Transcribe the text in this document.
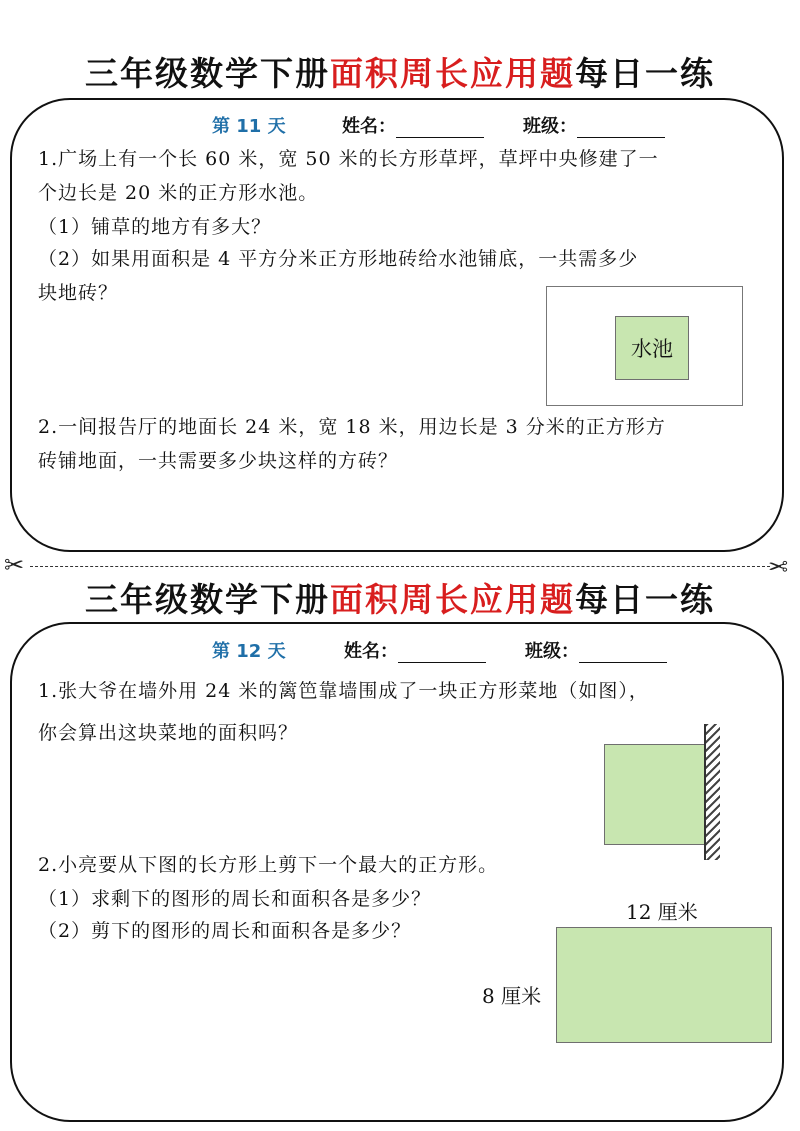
三年级数学下册面积周长应用题每日一练
第 11 天	姓名：	班级：
1.广场上有一个长 60 米，宽 50 米的长方形草坪，草坪中央修建了一
个边长是 20 米的正方形水池。
（1）铺草的地方有多大？
（2）如果用面积是 4 平方分米正方形地砖给水池铺底，一共需多少
块地砖？
水池
2.一间报告厅的地面长 24 米，宽 18 米，用边长是 3 分米的正方形方
砖铺地面，一共需要多少块这样的方砖？
✂	✂
三年级数学下册面积周长应用题每日一练
第 12 天	姓名：	班级：
1.张大爷在墙外用 24 米的篱笆靠墙围成了一块正方形菜地（如图），
你会算出这块菜地的面积吗？
2.小亮要从下图的长方形上剪下一个最大的正方形。
（1）求剩下的图形的周长和面积各是多少？
（2）剪下的图形的周长和面积各是多少？
12 厘米
8 厘米
